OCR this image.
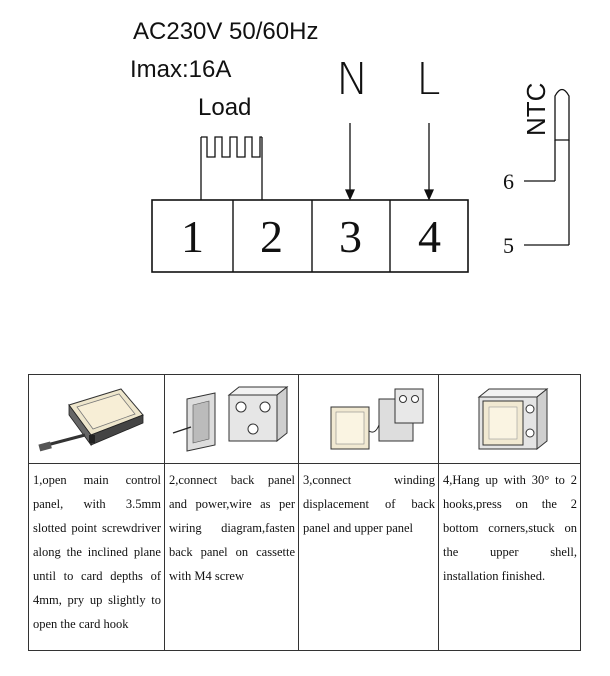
AC230V 50/60Hz
Imax:16A
Load
N L
NTC
1 2 3 4
6
5

1,open main control panel, with 3.5mm slotted point screwdriver along the inclined plane until to card depths of 4mm, pry up slightly to open the card hook	2,connect back panel and power,wire as per wiring diagram,fasten back panel on cassette with M4 screw	3,connect winding displacement of back panel and upper panel	4,Hang up with 30° to 2 hooks,press on the 2 bottom corners,stuck on the upper shell, installation finished.
